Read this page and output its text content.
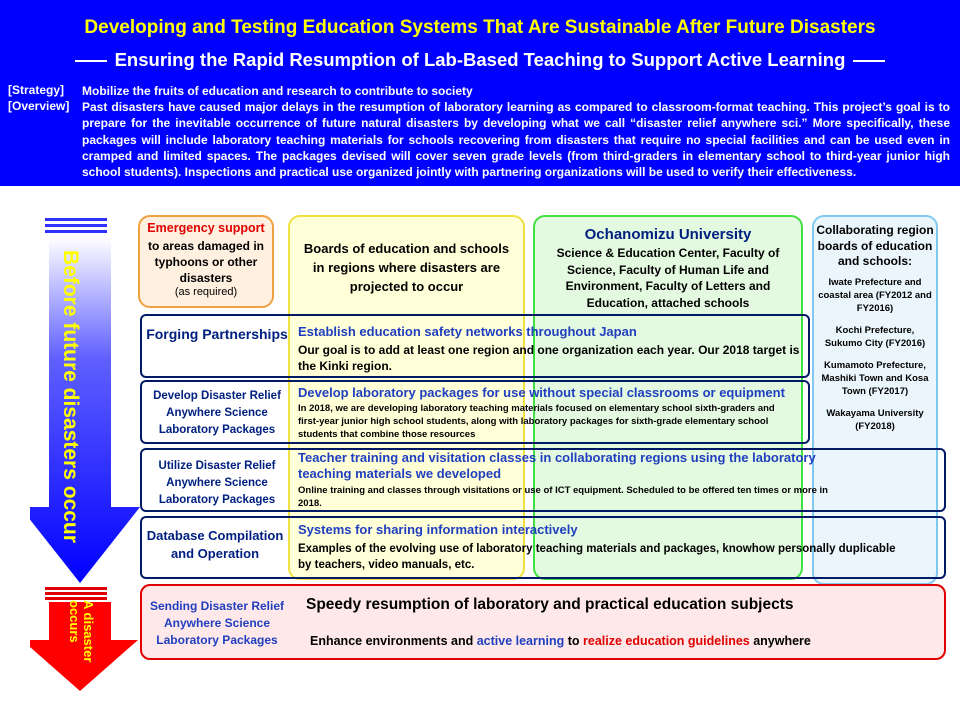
Developing and Testing Education Systems That Are Sustainable After Future Disasters
Ensuring the Rapid Resumption of Lab-Based Teaching to Support Active Learning
[Strategy] Mobilize the fruits of education and research to contribute to society
[Overview] Past disasters have caused major delays in the resumption of laboratory learning as compared to classroom-format teaching. This project’s goal is to prepare for the inevitable occurrence of future natural disasters by developing what we call “disaster relief anywhere sci.” More specifically, these packages will include laboratory teaching materials for schools recovering from disasters that require no special facilities and can be used even in cramped and limited spaces. The packages devised will cover seven grade levels (from third-graders in elementary school to third-year junior high school students). Inspections and practical use organized jointly with partnering organizations will be used to verify their effectiveness.
Before future disasters occur
A disaster occurs
Emergency support
to areas damaged in typhoons or other disasters
(as required)
Boards of education and schools in regions where disasters are projected to occur
Ochanomizu University
Science & Education Center, Faculty of Science, Faculty of Human Life and Environment, Faculty of Letters and Education, attached schools
Collaborating region boards of education and schools:
Iwate Prefecture and coastal area (FY2012 and FY2016)
Kochi Prefecture, Sukumo City (FY2016)
Kumamoto Prefecture, Mashiki Town and Kosa Town (FY2017)
Wakayama University (FY2018)
Forging Partnerships Establish education safety networks throughout Japan
Our goal is to add at least one region and one organization each year. Our 2018 target is the Kinki region.
Develop Disaster Relief Anywhere Science Laboratory Packages
Develop laboratory packages for use without special classrooms or equipment
In 2018, we are developing laboratory teaching materials focused on elementary school sixth-graders and first-year junior high school students, along with laboratory packages for sixth-grade elementary school students that combine those resources
Utilize Disaster Relief Anywhere Science Laboratory Packages
Teacher training and visitation classes in collaborating regions using the laboratory teaching materials we developed
Online training and classes through visitations or use of ICT equipment. Scheduled to be offered ten times or more in 2018.
Database Compilation and Operation
Systems for sharing information interactively
Examples of the evolving use of laboratory teaching materials and packages, knowhow personally duplicable by teachers, video manuals, etc.
Sending Disaster Relief Anywhere Science Laboratory Packages
Speedy resumption of laboratory and practical education subjects
Enhance environments and active learning to realize education guidelines anywhere
